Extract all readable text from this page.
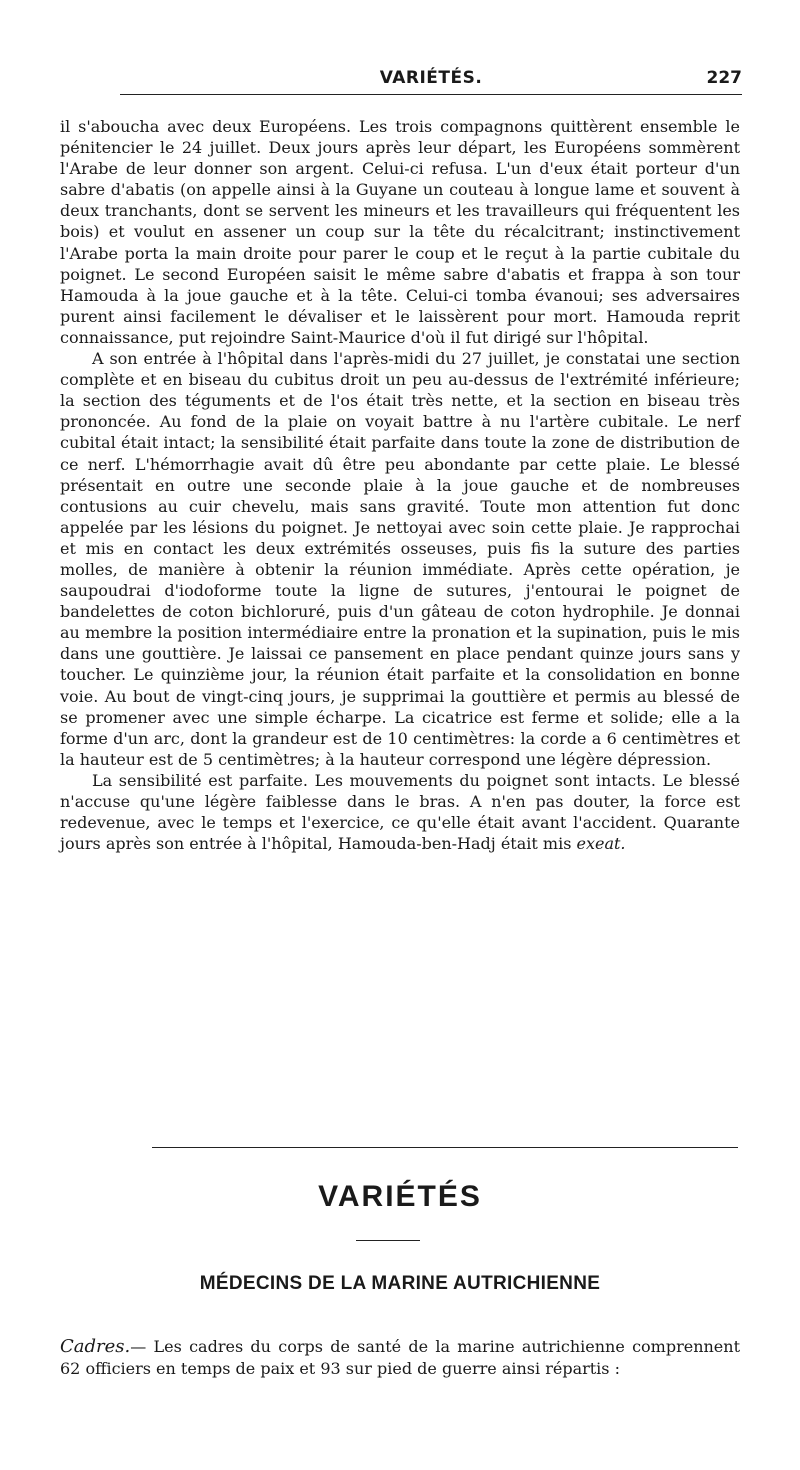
VARIÉTÉS.	227

il s'aboucha avec deux Européens. Les trois compagnons quittèrent ensemble le pénitencier le 24 juillet. Deux jours après leur départ, les Européens sommèrent l'Arabe de leur donner son argent. Celui-ci refusa. L'un d'eux était porteur d'un sabre d'abatis (on appelle ainsi à la Guyane un couteau à longue lame et souvent à deux tranchants, dont se servent les mineurs et les travailleurs qui fréquentent les bois) et voulut en assener un coup sur la tête du récalcitrant; instinctivement l'Arabe porta la main droite pour parer le coup et le reçut à la partie cubitale du poignet. Le second Européen saisit le même sabre d'abatis et frappa à son tour Hamouda à la joue gauche et à la tête. Celui-ci tomba évanoui; ses adversaires purent ainsi facilement le dévaliser et le laissèrent pour mort. Hamouda reprit connaissance, put rejoindre Saint-Maurice d'où il fut dirigé sur l'hôpital.

A son entrée à l'hôpital dans l'après-midi du 27 juillet, je constatai une section complète et en biseau du cubitus droit un peu au-dessus de l'extrémité inférieure; la section des téguments et de l'os était très nette, et la section en biseau très prononcée. Au fond de la plaie on voyait battre à nu l'artère cubitale. Le nerf cubital était intact; la sensibilité était parfaite dans toute la zone de distribution de ce nerf. L'hémorrhagie avait dû être peu abondante par cette plaie. Le blessé présentait en outre une seconde plaie à la joue gauche et de nombreuses contusions au cuir chevelu, mais sans gravité. Toute mon attention fut donc appelée par les lésions du poignet. Je nettoyai avec soin cette plaie. Je rapprochai et mis en contact les deux extrémités osseuses, puis fis la suture des parties molles, de manière à obtenir la réunion immédiate. Après cette opération, je saupoudrai d'iodoforme toute la ligne de sutures, j'entourai le poignet de bandelettes de coton bichloruré, puis d'un gâteau de coton hydrophile. Je donnai au membre la position intermédiaire entre la pronation et la supination, puis le mis dans une gouttière. Je laissai ce pansement en place pendant quinze jours sans y toucher. Le quinzième jour, la réunion était parfaite et la consolidation en bonne voie. Au bout de vingt-cinq jours, je supprimai la gouttière et permis au blessé de se promener avec une simple écharpe. La cicatrice est ferme et solide; elle a la forme d'un arc, dont la grandeur est de 10 centimètres: la corde a 6 centimètres et la hauteur est de 5 centimètres; à la hauteur correspond une légère dépression.

La sensibilité est parfaite. Les mouvements du poignet sont intacts. Le blessé n'accuse qu'une légère faiblesse dans le bras. A n'en pas douter, la force est redevenue, avec le temps et l'exercice, ce qu'elle était avant l'accident. Quarante jours après son entrée à l'hôpital, Hamouda-ben-Hadj était mis exeat.

VARIÉTÉS
MÉDECINS DE LA MARINE AUTRICHIENNE

Cadres.— Les cadres du corps de santé de la marine autrichienne comprennent 62 officiers en temps de paix et 93 sur pied de guerre ainsi répartis :
